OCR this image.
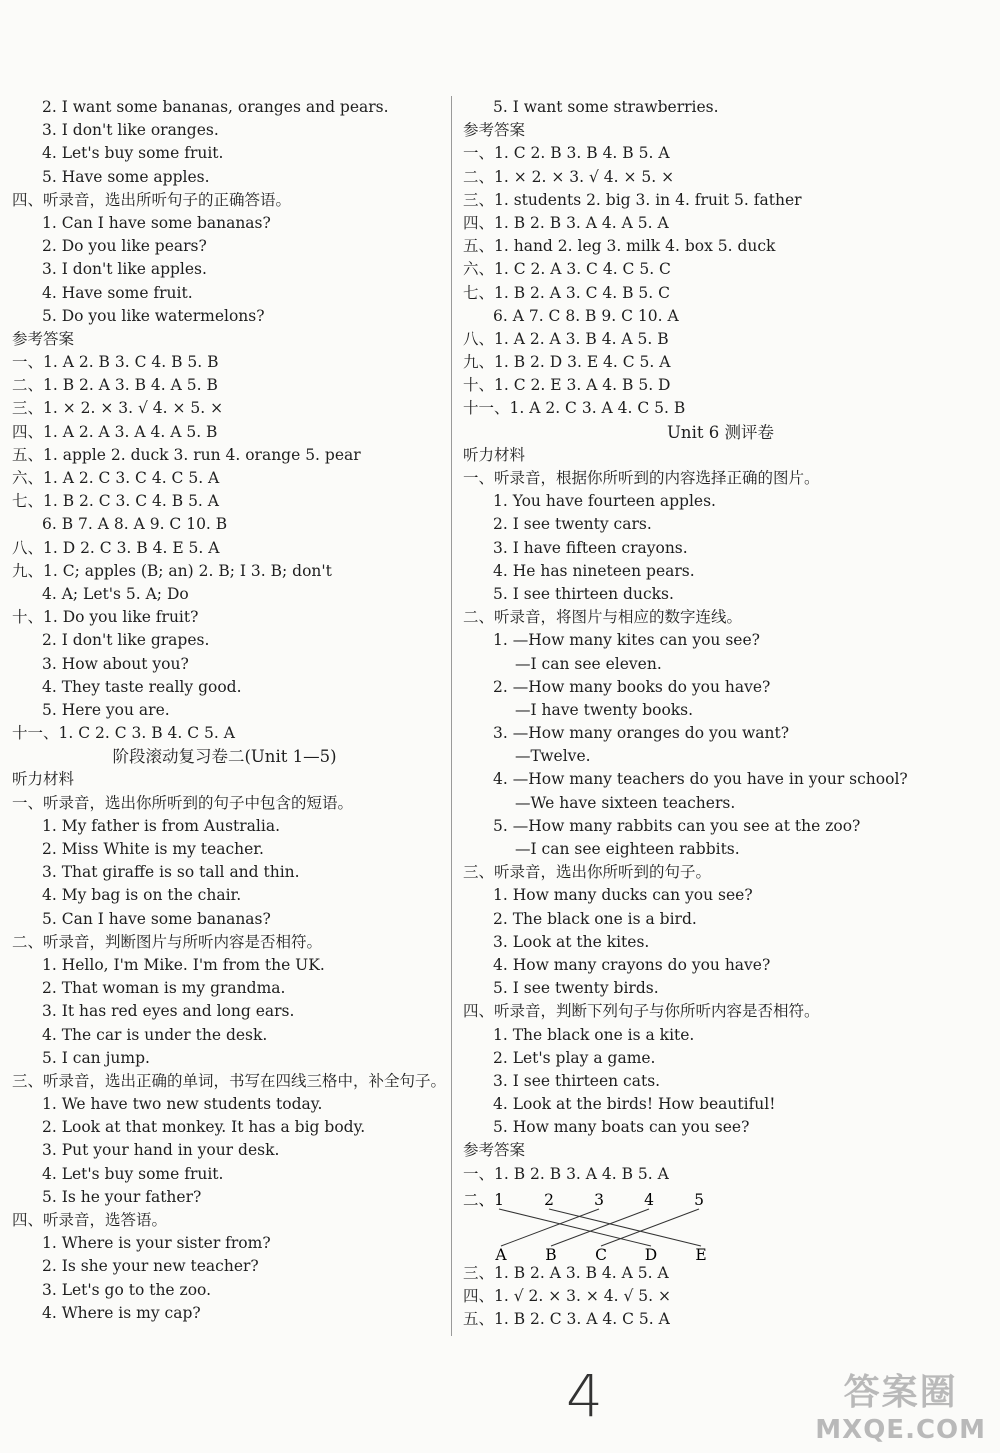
2. I want some bananas, oranges and pears.
3. I don't like oranges.
4. Let's buy some fruit.
5. Have some apples.
四、听录音，选出所听句子的正确答语。
1. Can I have some bananas?
2. Do you like pears?
3. I don't like apples.
4. Have some fruit.
5. Do you like watermelons?
参考答案
一、1. A 2. B 3. C 4. B 5. B
二、1. B 2. A 3. B 4. A 5. B
三、1. × 2. × 3. √ 4. × 5. ×
四、1. A 2. A 3. A 4. A 5. B
五、1. apple 2. duck 3. run 4. orange 5. pear
六、1. A 2. C 3. C 4. C 5. A
七、1. B 2. C 3. C 4. B 5. A
6. B 7. A 8. A 9. C 10. B
八、1. D 2. C 3. B 4. E 5. A
九、1. C; apples (B; an) 2. B; I 3. B; don't
4. A; Let's 5. A; Do
十、1. Do you like fruit?
2. I don't like grapes.
3. How about you?
4. They taste really good.
5. Here you are.
十一、1. C 2. C 3. B 4. C 5. A
阶段滚动复习卷二(Unit 1—5)
听力材料
一、听录音，选出你所听到的句子中包含的短语。
1. My father is from Australia.
2. Miss White is my teacher.
3. That giraffe is so tall and thin.
4. My bag is on the chair.
5. Can I have some bananas?
二、听录音，判断图片与所听内容是否相符。
1. Hello, I'm Mike. I'm from the UK.
2. That woman is my grandma.
3. It has red eyes and long ears.
4. The car is under the desk.
5. I can jump.
三、听录音，选出正确的单词，书写在四线三格中，补全句子。
1. We have two new students today.
2. Look at that monkey. It has a big body.
3. Put your hand in your desk.
4. Let's buy some fruit.
5. Is he your father?
四、听录音，选答语。
1. Where is your sister from?
2. Is she your new teacher?
3. Let's go to the zoo.
4. Where is my cap?
5. I want some strawberries.
参考答案
一、1. C 2. B 3. B 4. B 5. A
二、1. × 2. × 3. √ 4. × 5. ×
三、1. students 2. big 3. in 4. fruit 5. father
四、1. B 2. B 3. A 4. A 5. A
五、1. hand 2. leg 3. milk 4. box 5. duck
六、1. C 2. A 3. C 4. C 5. C
七、1. B 2. A 3. C 4. B 5. C
6. A 7. C 8. B 9. C 10. A
八、1. A 2. A 3. B 4. A 5. B
九、1. B 2. D 3. E 4. C 5. A
十、1. C 2. E 3. A 4. B 5. D
十一、1. A 2. C 3. A 4. C 5. B
Unit 6 测评卷
听力材料
一、听录音，根据你所听到的内容选择正确的图片。
1. You have fourteen apples.
2. I see twenty cars.
3. I have fifteen crayons.
4. He has nineteen pears.
5. I see thirteen ducks.
二、听录音，将图片与相应的数字连线。
1. —How many kites can you see?
—I can see eleven.
2. —How many books do you have?
—I have twenty books.
3. —How many oranges do you want?
—Twelve.
4. —How many teachers do you have in your school?
—We have sixteen teachers.
5. —How many rabbits can you see at the zoo?
—I can see eighteen rabbits.
三、听录音，选出你所听到的句子。
1. How many ducks can you see?
2. The black one is a bird.
3. Look at the kites.
4. How many crayons do you have?
5. I see twenty birds.
四、听录音，判断下列句子与你所听内容是否相符。
1. The black one is a kite.
2. Let's play a game.
3. I see thirteen cats.
4. Look at the birds! How beautiful!
5. How many boats can you see?
参考答案
一、1. B 2. B 3. A 4. B 5. A
二、 1	2	3	4	5
A B C D E
三、1. B 2. A 3. B 4. A 5. A
四、1. √ 2. × 3. × 4. √ 5. ×
五、1. B 2. C 3. A 4. C 5. A
4	答案圈
MXQE.COM
